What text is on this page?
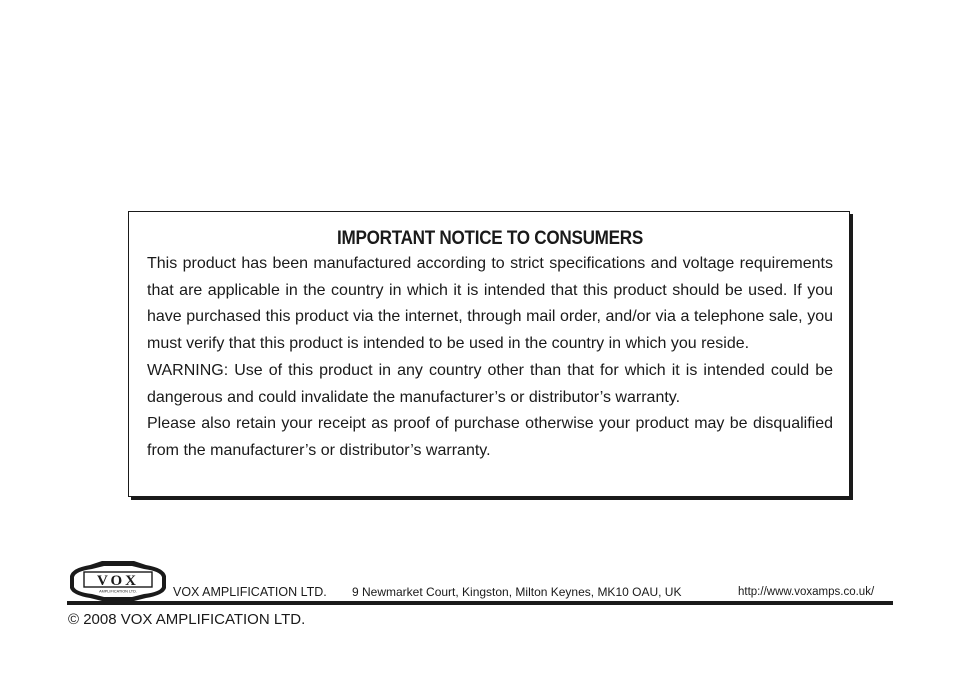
IMPORTANT NOTICE TO CONSUMERS

This product has been manufactured according to strict specifications and voltage requirements that are applicable in the country in which it is intended that this product should be used. If you have purchased this product via the internet, through mail order, and/or via a telephone sale, you must verify that this product is intended to be used in the country in which you reside.

WARNING: Use of this product in any country other than that for which it is intended could be dangerous and could invalidate the manufacturer’s or distributor’s warranty.

Please also retain your receipt as proof of purchase otherwise your product may be disqualified from the manufacturer’s or distributor’s warranty.

VOX
AMPLIFICATION LTD.	VOX AMPLIFICATION LTD. 9 Newmarket Court, Kingston, Milton Keynes, MK10 OAU, UK	http://www.voxamps.co.uk/
© 2008 VOX AMPLIFICATION LTD.
